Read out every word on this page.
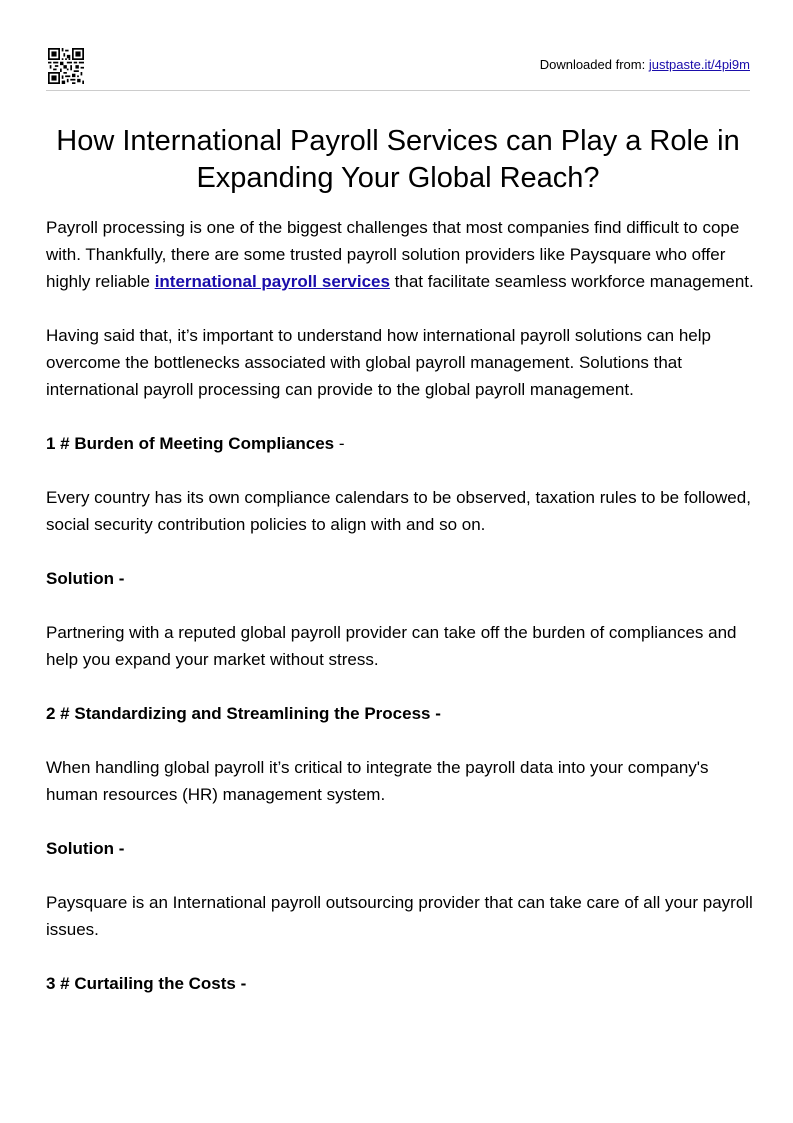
Downloaded from: justpaste.it/4pi9m
How International Payroll Services can Play a Role in Expanding Your Global Reach?

Payroll processing is one of the biggest challenges that most companies find difficult to cope with. Thankfully, there are some trusted payroll solution providers like Paysquare who offer highly reliable international payroll services that facilitate seamless workforce management.

Having said that, it’s important to understand how international payroll solutions can help overcome the bottlenecks associated with global payroll management. Solutions that international payroll processing can provide to the global payroll management.

1 # Burden of Meeting Compliances -

Every country has its own compliance calendars to be observed, taxation rules to be followed, social security contribution policies to align with and so on.

Solution -

Partnering with a reputed global payroll provider can take off the burden of compliances and help you expand your market without stress.

2 # Standardizing and Streamlining the Process -

When handling global payroll it’s critical to integrate the payroll data into your company's human resources (HR) management system.

Solution -

Paysquare is an International payroll outsourcing provider that can take care of all your payroll issues.

3 # Curtailing the Costs -
